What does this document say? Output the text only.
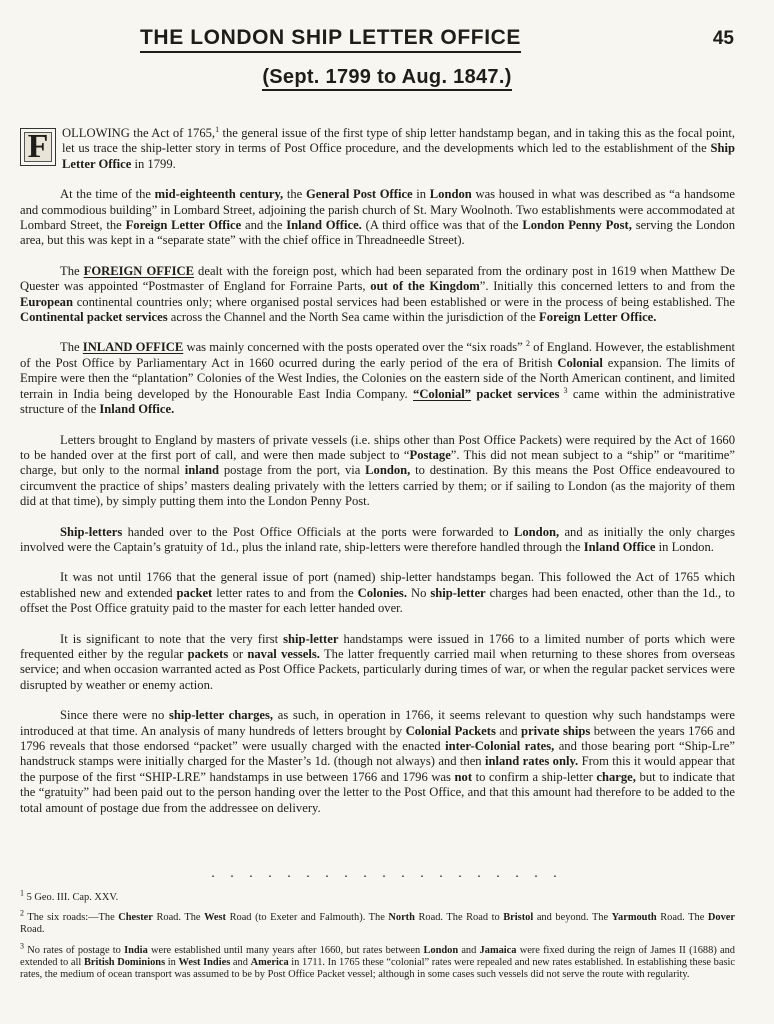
THE LONDON SHIP LETTER OFFICE	45
(Sept. 1799 to Aug. 1847.)

F	OLLOWING the Act of 1765,$^1$ the general issue of the first type of ship letter handstamp began, and in taking this as the focal point, let us trace the ship-letter story in terms of Post Office procedure, and the developments which led to the establishment of the Ship Letter Office in 1799.

At the time of the mid-eighteenth century, the General Post Office in London was housed in what was described as “a handsome and commodious building” in Lombard Street, adjoining the parish church of St. Mary Woolnoth. Two establishments were accommodated at Lombard Street, the Foreign Letter Office and the Inland Office. (A third office was that of the London Penny Post, serving the London area, but this was kept in a “separate state” with the chief office in Threadneedle Street).

The FOREIGN OFFICE dealt with the foreign post, which had been separated from the ordinary post in 1619 when Matthew De Quester was appointed “Postmaster of England for Forraine Parts, out of the Kingdom”. Initially this concerned letters to and from the European continental countries only; where organised postal services had been established or were in the process of being established. The Continental packet services across the Channel and the North Sea came within the jurisdiction of the Foreign Letter Office.

The INLAND OFFICE was mainly concerned with the posts operated over the “six roads” $^2$ of England. However, the establishment of the Post Office by Parliamentary Act in 1660 ocurred during the early period of the era of British Colonial expansion. The limits of Empire were then the “plantation” Colonies of the West Indies, the Colonies on the eastern side of the North American continent, and limited terrain in India being developed by the Honourable East India Company. “Colonial” packet services $^3$ came within the administrative structure of the Inland Office.

Letters brought to England by masters of private vessels (i.e. ships other than Post Office Packets) were required by the Act of 1660 to be handed over at the first port of call, and were then made subject to “Postage”. This did not mean subject to a “ship” or “maritime” charge, but only to the normal inland postage from the port, via London, to destination. By this means the Post Office endeavoured to circumvent the practice of ships’ masters dealing privately with the letters carried by them; or if sailing to London (as the majority of them did at that time), by simply putting them into the London Penny Post.

Ship-letters handed over to the Post Office Officials at the ports were forwarded to London, and as initially the only charges involved were the Captain’s gratuity of 1d., plus the inland rate, ship-letters were therefore handled through the Inland Office in London.

It was not until 1766 that the general issue of port (named) ship-letter handstamps began. This followed the Act of 1765 which established new and extended packet letter rates to and from the Colonies. No ship-letter charges had been enacted, other than the 1d., to offset the Post Office gratuity paid to the master for each letter handed over.

It is significant to note that the very first ship-letter handstamps were issued in 1766 to a limited number of ports which were frequented either by the regular packets or naval vessels. The latter frequently carried mail when returning to these shores from overseas service; and when occasion warranted acted as Post Office Packets, particularly during times of war, or when the regular packet services were disrupted by weather or enemy action.

Since there were no ship-letter charges, as such, in operation in 1766, it seems relevant to question why such handstamps were introduced at that time. An analysis of many hundreds of letters brought by Colonial Packets and private ships between the years 1766 and 1796 reveals that those endorsed “packet” were usually charged with the enacted inter-Colonial rates, and those bearing port “Ship-Lre” handstruck stamps were initially charged for the Master’s 1d. (though not always) and then inland rates only. From this it would appear that the purpose of the first “SHIP-LRE” handstamps in use between 1766 and 1796 was not to confirm a ship-letter charge, but to indicate that the “gratuity” had been paid out to the person handing over the letter to the Post Office, and that this amount had therefore to be added to the total amount of postage due from the addressee on delivery.

. . . . . . . . . . . . . . . . . . .

$^1$ 5 Geo. III. Cap. XXV.

$^2$ The six roads:—The Chester Road. The West Road (to Exeter and Falmouth). The North Road. The Road to Bristol and beyond. The Yarmouth Road. The Dover Road.

$^3$ No rates of postage to India were established until many years after 1660, but rates between London and Jamaica were fixed during the reign of James II (1688) and extended to all British Dominions in West Indies and America in 1711. In 1765 these “colonial” rates were repealed and new rates established. In establishing these basic rates, the medium of ocean transport was assumed to be by Post Office Packet vessel; although in some cases such vessels did not serve the route with regularity.
